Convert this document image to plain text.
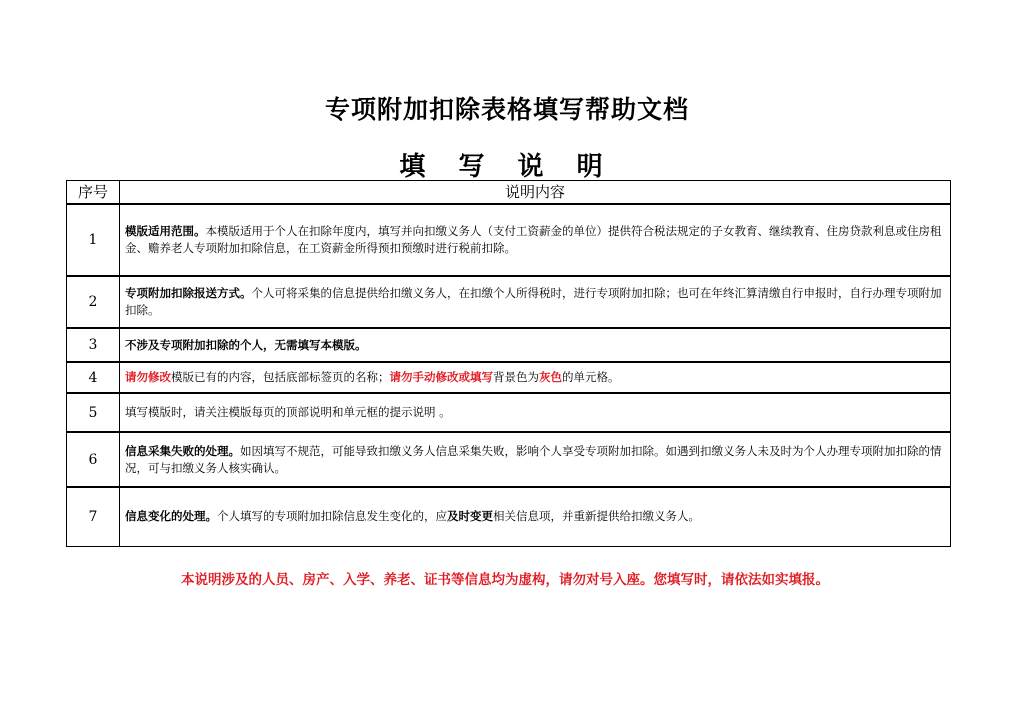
专项附加扣除表格填写帮助文档
填 写 说 明
序号	说明内容
1	模版适用范围。本模版适用于个人在扣除年度内，填写并向扣缴义务人（支付工资薪金的单位）提供符合税法规定的子女教育、继续教育、住房贷款利息或住房租金、赡养老人专项附加扣除信息，在工资薪金所得预扣预缴时进行税前扣除。
2	专项附加扣除报送方式。个人可将采集的信息提供给扣缴义务人，在扣缴个人所得税时，进行专项附加扣除；也可在年终汇算清缴自行申报时，自行办理专项附加扣除。
3	不涉及专项附加扣除的个人，无需填写本模版。
4	请勿修改模版已有的内容，包括底部标签页的名称；请勿手动修改或填写背景色为灰色的单元格。
5	填写模版时，请关注模版每页的顶部说明和单元框的提示说明 。
6	信息采集失败的处理。如因填写不规范，可能导致扣缴义务人信息采集失败，影响个人享受专项附加扣除。如遇到扣缴义务人未及时为个人办理专项附加扣除的情况，可与扣缴义务人核实确认。
7	信息变化的处理。个人填写的专项附加扣除信息发生变化的，应及时变更相关信息项，并重新提供给扣缴义务人。
本说明涉及的人员、房产、入学、养老、证书等信息均为虚构，请勿对号入座。您填写时，请依法如实填报。
